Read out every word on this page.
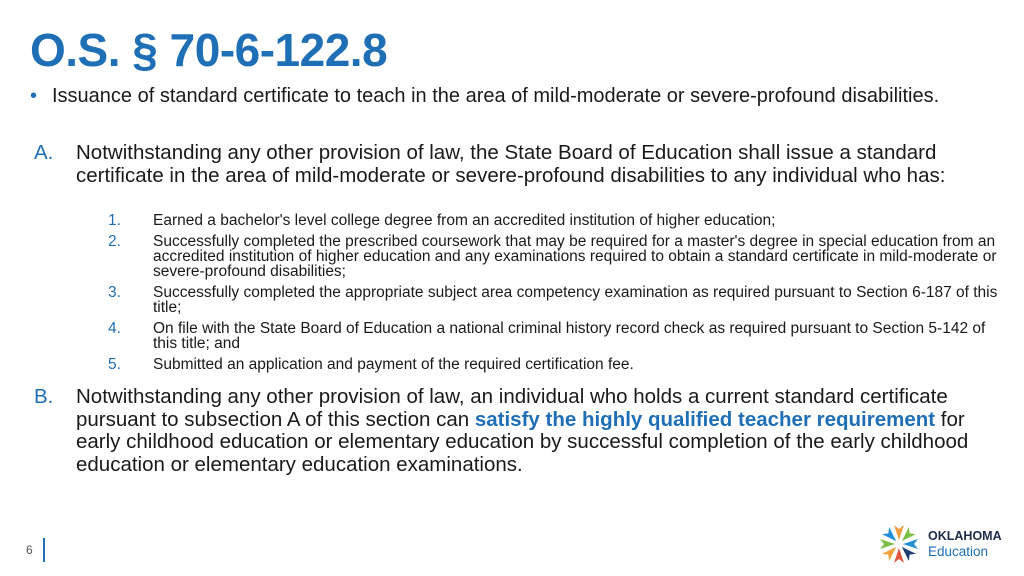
O.S. § 70-6-122.8
• Issuance of standard certificate to teach in the area of mild-moderate or severe-profound disabilities.
A.	Notwithstanding any other provision of law, the State Board of Education shall issue a standard certificate in the area of mild-moderate or severe-profound disabilities to any individual who has:
1.	Earned a bachelor's level college degree from an accredited institution of higher education;
2.	Successfully completed the prescribed coursework that may be required for a master's degree in special education from an accredited institution of higher education and any examinations required to obtain a standard certificate in mild-moderate or severe-profound disabilities;
3.	Successfully completed the appropriate subject area competency examination as required pursuant to Section 6-187 of this title;
4.	On file with the State Board of Education a national criminal history record check as required pursuant to Section 5-142 of this title; and
5.	Submitted an application and payment of the required certification fee.
B.	Notwithstanding any other provision of law, an individual who holds a current standard certificate pursuant to subsection A of this section can satisfy the highly qualified teacher requirement for early childhood education or elementary education by successful completion of the early childhood education or elementary education examinations.
6
OKLAHOMA
Education
